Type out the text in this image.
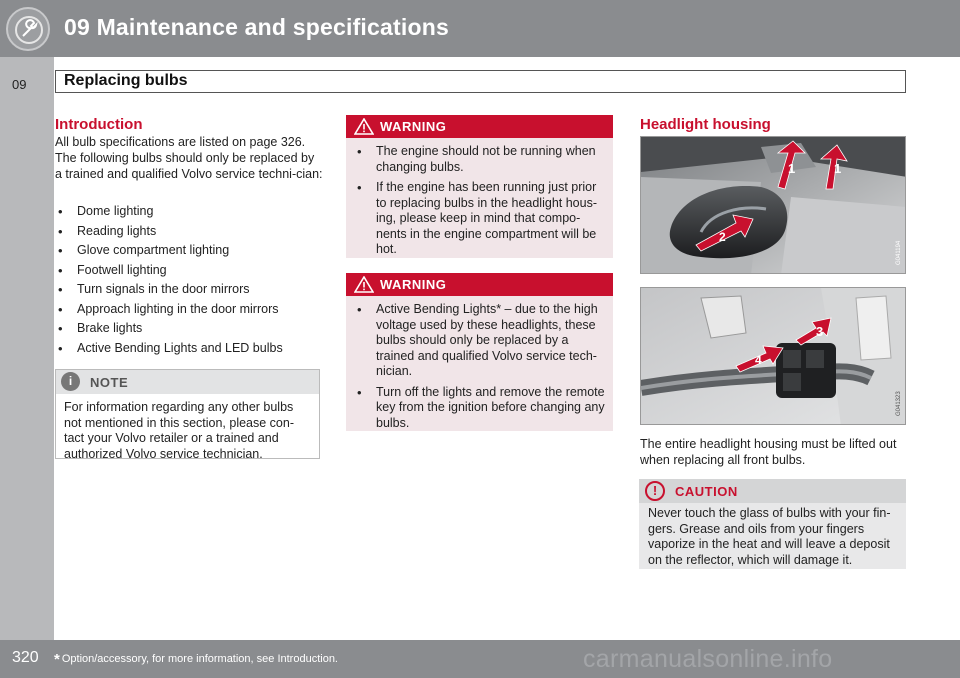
09 Maintenance and specifications
09 Replacing bulbs
Introduction
All bulb specifications are listed on page 326. The following bulbs should only be replaced by a trained and qualified Volvo service techni-cian:
• Dome lighting
• Reading lights
• Glove compartment lighting
• Footwell lighting
• Turn signals in the door mirrors
• Approach lighting in the door mirrors
• Brake lights
• Active Bending Lights and LED bulbs
i	NOTE
For information regarding any other bulbs not mentioned in this section, please con-tact your Volvo retailer or a trained and authorized Volvo service technician.
WARNING
• The engine should not be running when changing bulbs.
• If the engine has been running just prior to replacing bulbs in the headlight hous-ing, please keep in mind that compo-nents in the engine compartment will be hot.
WARNING
• Active Bending Lights* – due to the high voltage used by these headlights, these bulbs should only be replaced by a trained and qualified Volvo service tech-nician.
• Turn off the lights and remove the remote key from the ignition before changing any bulbs.
Headlight housing
1	1
2
G041194
3
4
G041323
The entire headlight housing must be lifted out when replacing all front bulbs.
!	CAUTION
Never touch the glass of bulbs with your fin-gers. Grease and oils from your fingers vaporize in the heat and will leave a deposit on the reflector, which will damage it.
320 * Option/accessory, for more information, see Introduction.	carmanualsonline.info
